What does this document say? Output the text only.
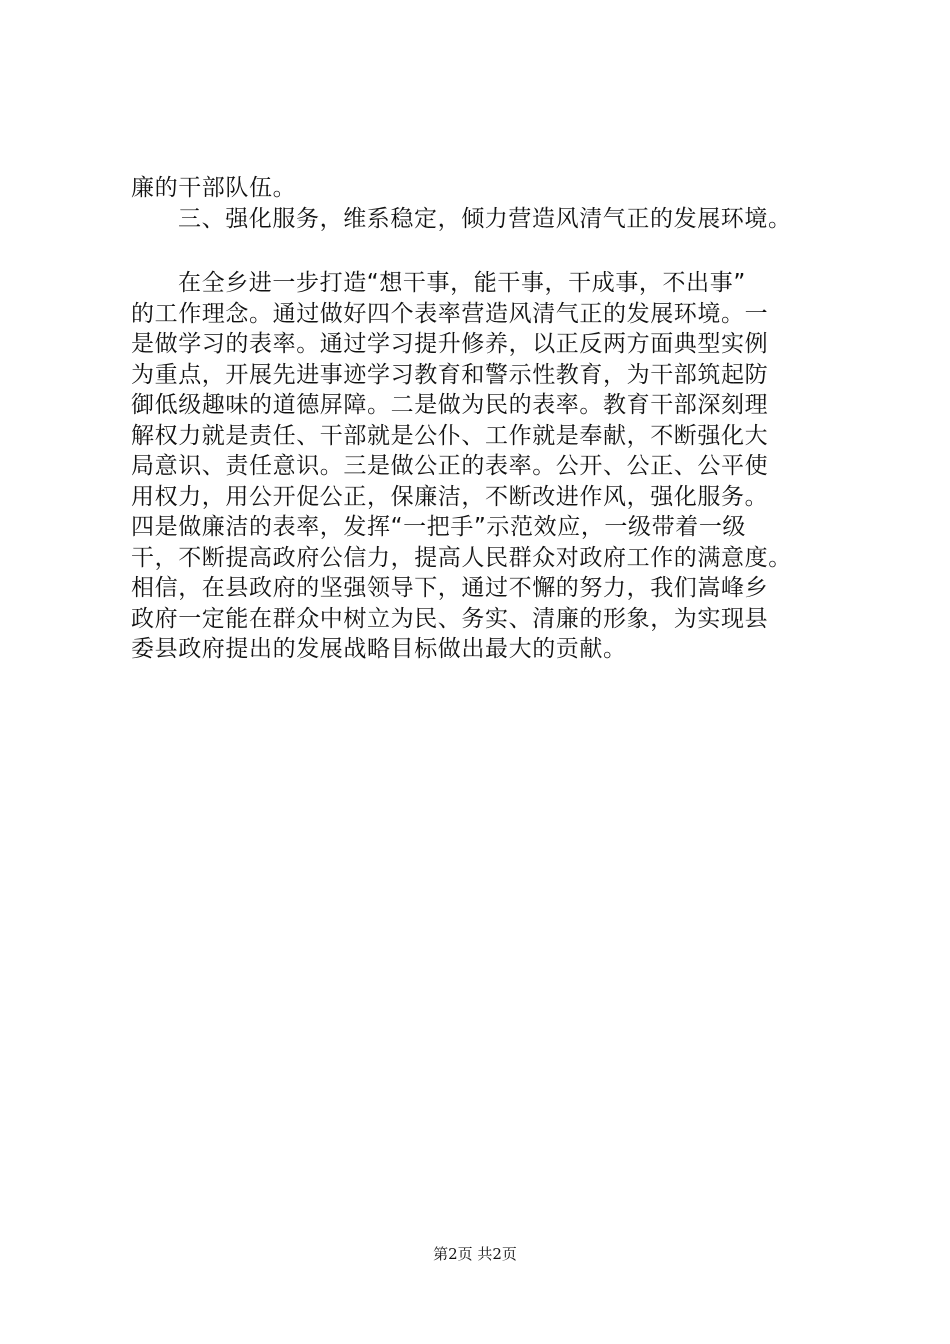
廉的干部队伍。
三、强化服务，维系稳定，倾力营造风清气正的发展环境。
在全乡进一步打造“想干事，能干事，干成事，不出事”
的工作理念。通过做好四个表率营造风清气正的发展环境。一
是做学习的表率。通过学习提升修养，以正反两方面典型实例
为重点，开展先进事迹学习教育和警示性教育，为干部筑起防
御低级趣味的道德屏障。二是做为民的表率。教育干部深刻理
解权力就是责任、干部就是公仆、工作就是奉献，不断强化大
局意识、责任意识。三是做公正的表率。公开、公正、公平使
用权力，用公开促公正，保廉洁，不断改进作风，强化服务。
四是做廉洁的表率，发挥“一把手”示范效应，一级带着一级
干，不断提高政府公信力，提高人民群众对政府工作的满意度。
相信，在县政府的坚强领导下，通过不懈的努力，我们嵩峰乡
政府一定能在群众中树立为民、务实、清廉的形象，为实现县
委县政府提出的发展战略目标做出最大的贡献。
第2页 共2页
